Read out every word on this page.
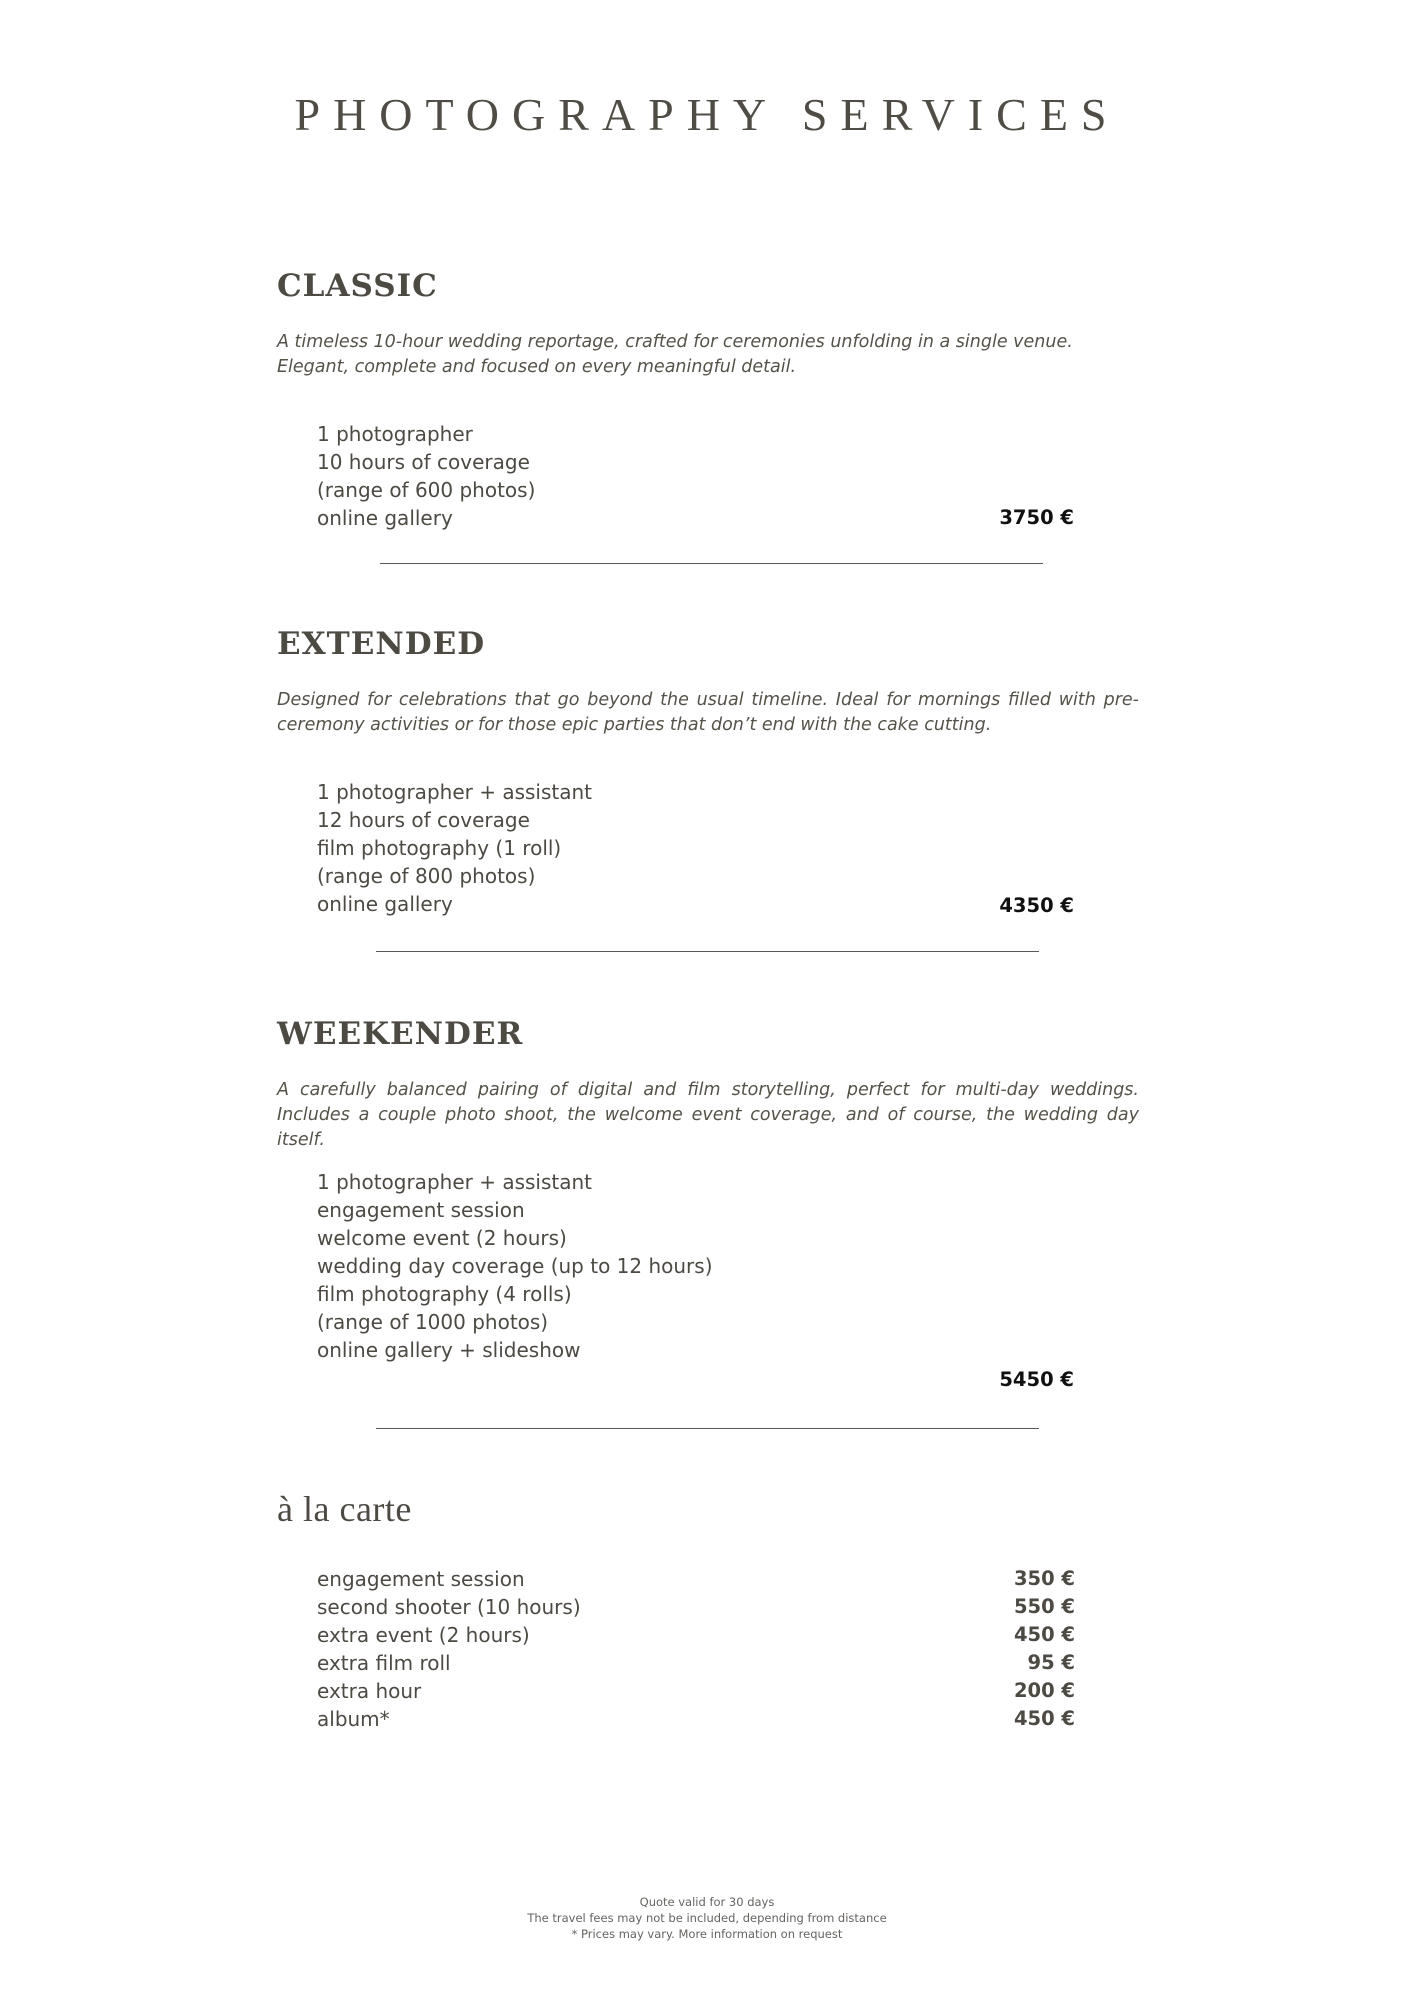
PHOTOGRAPHY SERVICES
CLASSIC

A timeless 10-hour wedding reportage, crafted for ceremonies unfolding in a single venue.
Elegant, complete and focused on every meaningful detail.

1 photographer
10 hours of coverage
(range of 600 photos)
online gallery	3750 €
EXTENDED

Designed for celebrations that go beyond the usual timeline. Ideal for mornings filled with pre-
ceremony activities or for those epic parties that don’t end with the cake cutting.

1 photographer + assistant
12 hours of coverage
film photography (1 roll)
(range of 800 photos)
online gallery	4350 €
WEEKENDER

A carefully balanced pairing of digital and film storytelling, perfect for multi-day weddings.
Includes a couple photo shoot, the welcome event coverage, and of course, the wedding day itself.

1 photographer + assistant
engagement session
welcome event (2 hours)
wedding day coverage (up to 12 hours)
film photography (4 rolls)
(range of 1000 photos)
online gallery + slideshow
5450 €
à la carte
engagement session	350 €
second shooter (10 hours)	550 €
extra event (2 hours)	450 €
extra film roll	95 €
extra hour	200 €
album*	450 €
Quote valid for 30 days
The travel fees may not be included, depending from distance
* Prices may vary. More information on request
